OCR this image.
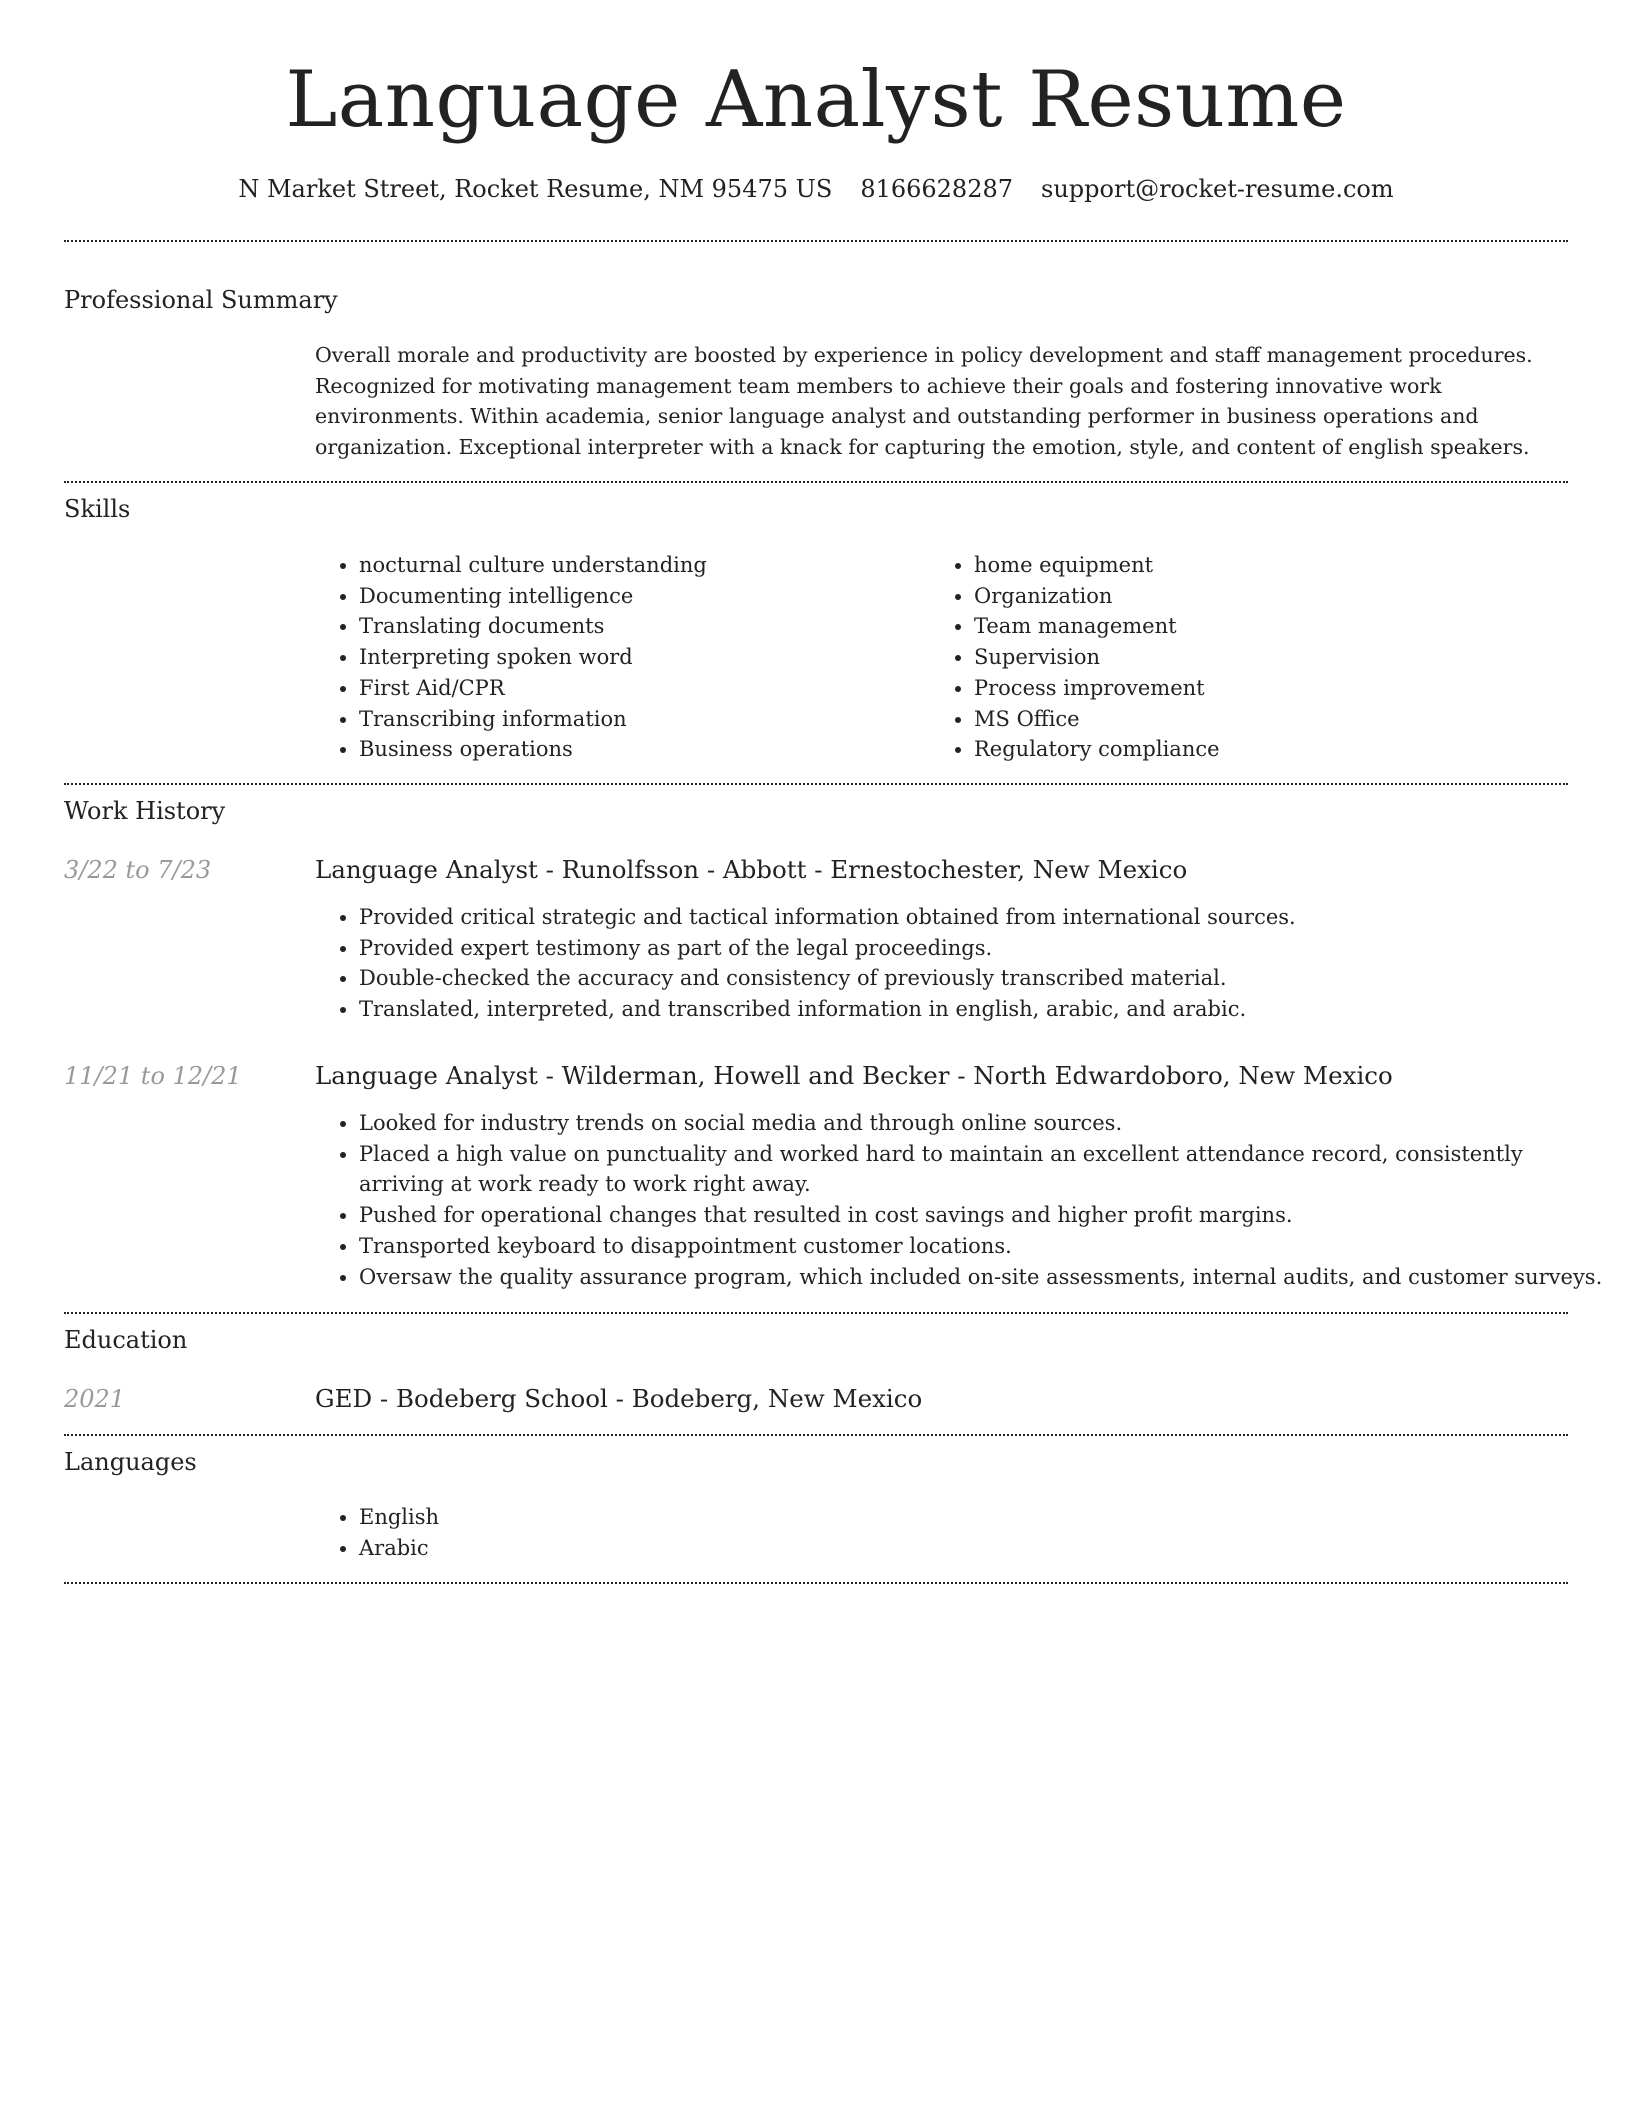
Language Analyst Resume
N Market Street, Rocket Resume, NM 95475 US 8166628287 support@rocket-resume.com
Professional Summary

Overall morale and productivity are boosted by experience in policy development and staff management procedures. Recognized for motivating management team members to achieve their goals and fostering innovative work environments. Within academia, senior language analyst and outstanding performer in business operations and organization. Exceptional interpreter with a knack for capturing the emotion, style, and content of english speakers.

Skills
• nocturnal culture understanding
• Documenting intelligence
• Translating documents
• Interpreting spoken word
• First Aid/CPR
• Transcribing information
• Business operations
• home equipment
• Organization
• Team management
• Supervision
• Process improvement
• MS Office
• Regulatory compliance
Work History
3/22 to 7/23	Language Analyst - Runolfsson - Abbott - Ernestochester, New Mexico
• Provided critical strategic and tactical information obtained from international sources.
• Provided expert testimony as part of the legal proceedings.
• Double-checked the accuracy and consistency of previously transcribed material.
• Translated, interpreted, and transcribed information in english, arabic, and arabic.
11/21 to 12/21	Language Analyst - Wilderman, Howell and Becker - North Edwardoboro, New Mexico
• Looked for industry trends on social media and through online sources.
• Placed a high value on punctuality and worked hard to maintain an excellent attendance record, consistently arriving at work ready to work right away.
• Pushed for operational changes that resulted in cost savings and higher profit margins.
• Transported keyboard to disappointment customer locations.
• Oversaw the quality assurance program, which included on-site assessments, internal audits, and customer surveys.
Education
2021	GED - Bodeberg School - Bodeberg, New Mexico
Languages
• English
• Arabic
